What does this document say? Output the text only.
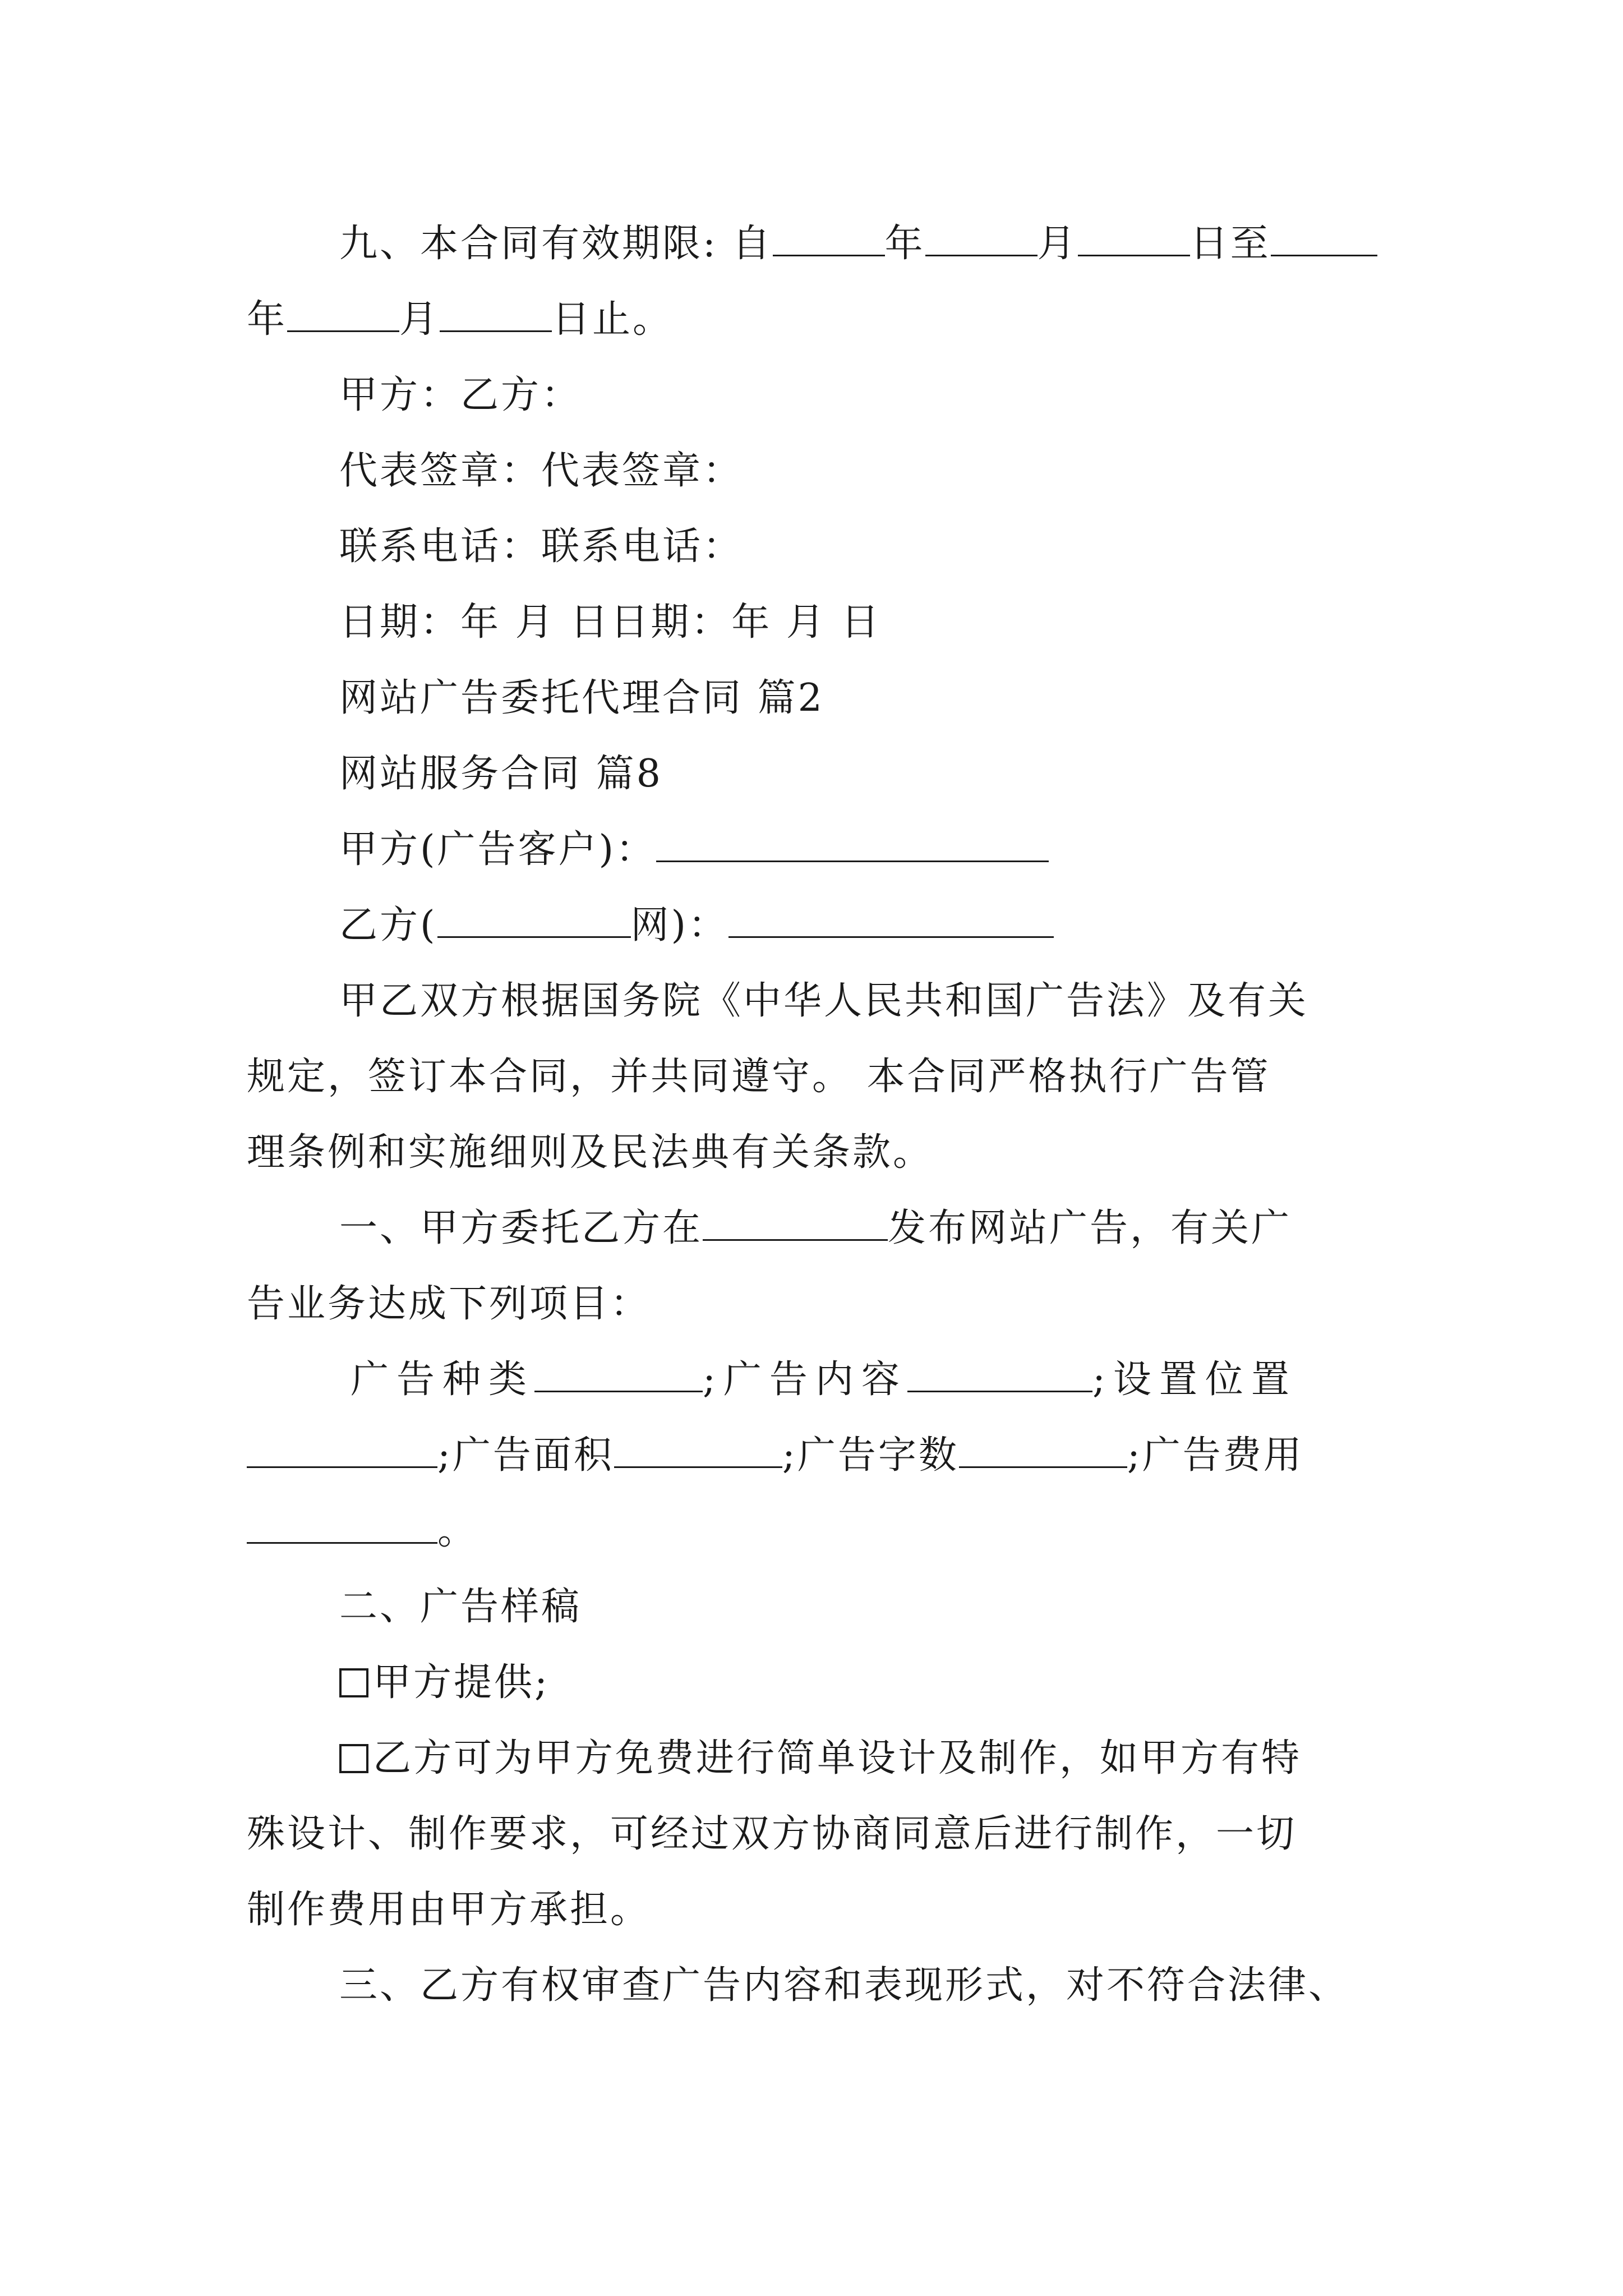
九、本合同有效期限: 自	年	月	日至
年	月	日止。
甲方：乙方：
代表签章：代表签章：
联系电话：联系电话：
日期：年 月 日日期：年 月 日
网站广告委托代理合同 篇2
网站服务合同 篇8
甲方(广告客户)：
乙方(	网)：
甲乙双方根据国务院《中华人民共和国广告法》及有关
规定，签订本合同，并共同遵守。 本合同严格执行广告管
理条例和实施细则及民法典有关条款。
一、甲方委托乙方在	发布网站广告，有关广
告业务达成下列项目：
广告种类	;广告内容	;设置位置
;广告面积	;广告字数	;广告费用
。
二、广告样稿
甲方提供;
乙方可为甲方免费进行简单设计及制作，如甲方有特
殊设计、制作要求，可经过双方协商同意后进行制作，一切
制作费用由甲方承担。
三、乙方有权审查广告内容和表现形式，对不符合法律、
